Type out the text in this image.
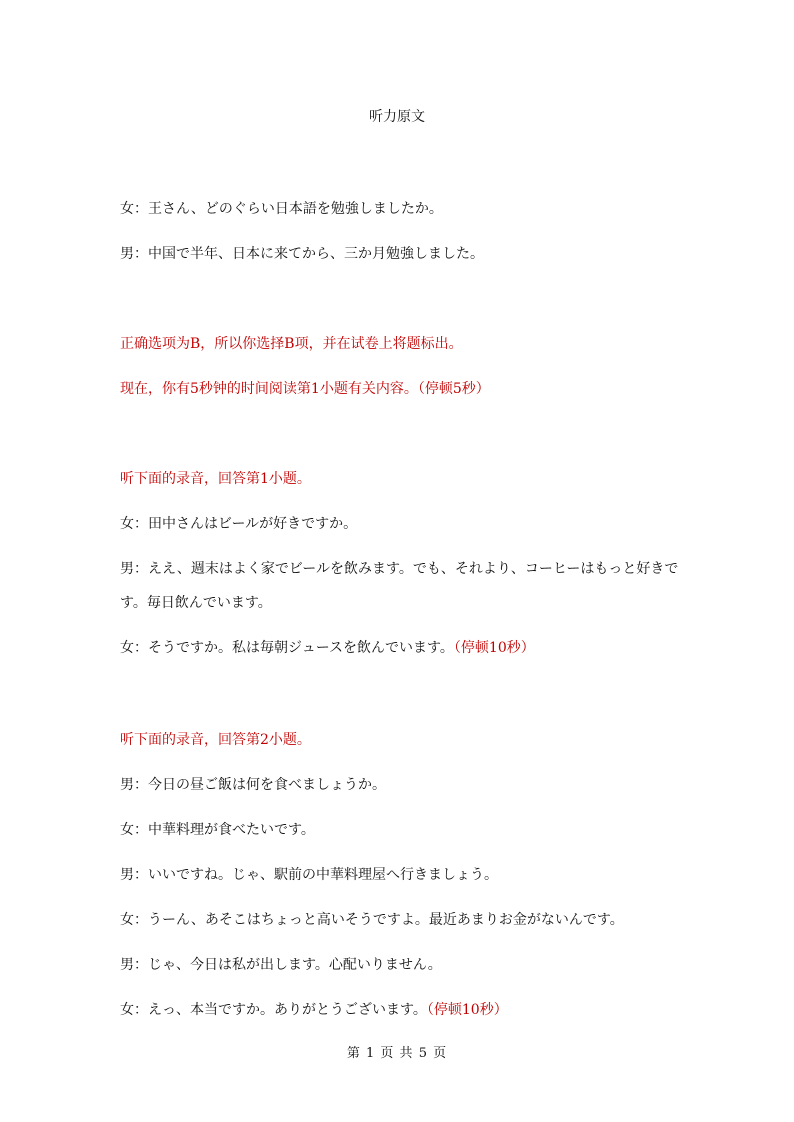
听力原文
女：王さん、どのぐらい日本語を勉強しましたか。
男：中国で半年、日本に来てから、三か月勉強しました。
正确选项为B，所以你选择B项，并在试卷上将题标出。
现在，你有5秒钟的时间阅读第1小题有关内容。（停顿5秒）
听下面的录音，回答第1小题。
女：田中さんはビールが好きですか。
男：ええ、週末はよく家でビールを飲みます。でも、それより、コーヒーはもっと好きで
す。毎日飲んでいます。
女：そうですか。私は毎朝ジュースを飲んでいます。（停顿10秒）
听下面的录音，回答第2小题。
男：今日の昼ご飯は何を食べましょうか。
女：中華料理が食べたいです。
男：いいですね。じゃ、駅前の中華料理屋へ行きましょう。
女：うーん、あそこはちょっと高いそうですよ。最近あまりお金がないんです。
男：じゃ、今日は私が出します。心配いりません。
女：えっ、本当ですか。ありがとうございます。（停顿10秒）
第 1 页 共 5 页
